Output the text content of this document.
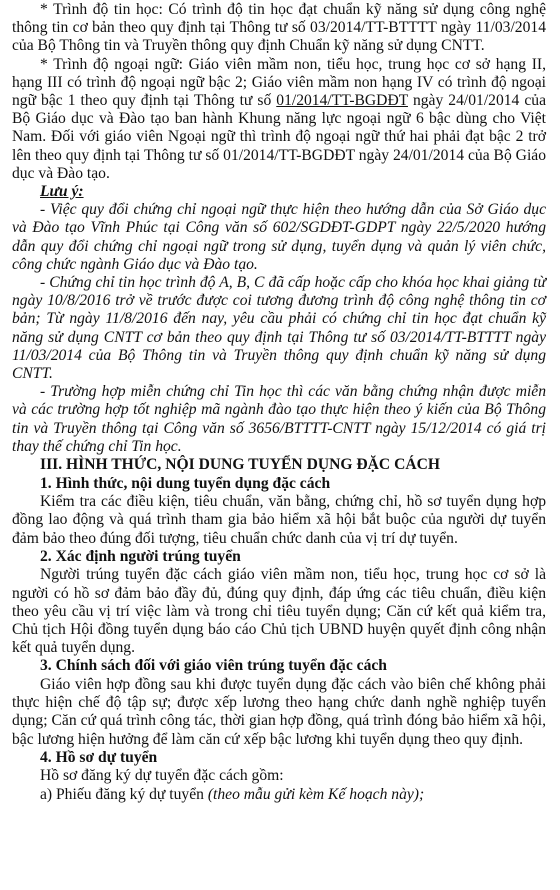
* Trình độ tin học: Có trình độ tin học đạt chuẩn kỹ năng sử dụng công nghệ thông tin cơ bản theo quy định tại Thông tư số 03/2014/TT-BTTTT ngày 11/03/2014 của Bộ Thông tin và Truyền thông quy định Chuẩn kỹ năng sử dụng CNTT.

* Trình độ ngoại ngữ: Giáo viên mầm non, tiểu học, trung học cơ sở hạng II, hạng III có trình độ ngoại ngữ bậc 2; Giáo viên mầm non hạng IV có trình độ ngoại ngữ bậc 1 theo quy định tại Thông tư số 01/2014/TT-BGDĐT ngày 24/01/2014 của Bộ Giáo dục và Đào tạo ban hành Khung năng lực ngoại ngữ 6 bậc dùng cho Việt Nam. Đối với giáo viên Ngoại ngữ thì trình độ ngoại ngữ thứ hai phải đạt bậc 2 trở lên theo quy định tại Thông tư số 01/2014/TT-BGDĐT ngày 24/01/2014 của Bộ Giáo dục và Đào tạo.

Lưu ý:

- Việc quy đổi chứng chỉ ngoại ngữ thực hiện theo hướng dẫn của Sở Giáo dục và Đào tạo Vĩnh Phúc tại Công văn số 602/SGDĐT-GDPT ngày 22/5/2020 hướng dẫn quy đổi chứng chỉ ngoại ngữ trong sử dụng, tuyển dụng và quản lý viên chức, công chức ngành Giáo dục và Đào tạo.

- Chứng chỉ tin học trình độ A, B, C đã cấp hoặc cấp cho khóa học khai giảng từ ngày 10/8/2016 trở về trước được coi tương đương trình độ công nghệ thông tin cơ bản; Từ ngày 11/8/2016 đến nay, yêu cầu phải có chứng chỉ tin học đạt chuẩn kỹ năng sử dụng CNTT cơ bản theo quy định tại Thông tư số 03/2014/TT-BTTTT ngày 11/03/2014 của Bộ Thông tin và Truyền thông quy định chuẩn kỹ năng sử dụng CNTT.

- Trường hợp miễn chứng chỉ Tin học thì các văn bằng chứng nhận được miễn và các trường hợp tốt nghiệp mã ngành đào tạo thực hiện theo ý kiến của Bộ Thông tin và Truyền thông tại Công văn số 3656/BTTTT-CNTT ngày 15/12/2014 có giá trị thay thế chứng chỉ Tin học.

III. HÌNH THỨC, NỘI DUNG TUYỂN DỤNG ĐẶC CÁCH

1. Hình thức, nội dung tuyển dụng đặc cách

Kiểm tra các điều kiện, tiêu chuẩn, văn bằng, chứng chỉ, hồ sơ tuyển dụng hợp đồng lao động và quá trình tham gia bảo hiểm xã hội bắt buộc của người dự tuyển đảm bảo theo đúng đối tượng, tiêu chuẩn chức danh của vị trí dự tuyển.

2. Xác định người trúng tuyển

Người trúng tuyển đặc cách giáo viên mầm non, tiểu học, trung học cơ sở là người có hồ sơ đảm bảo đầy đủ, đúng quy định, đáp ứng các tiêu chuẩn, điều kiện theo yêu cầu vị trí việc làm và trong chỉ tiêu tuyển dụng; Căn cứ kết quả kiểm tra, Chủ tịch Hội đồng tuyển dụng báo cáo Chủ tịch UBND huyện quyết định công nhận kết quả tuyển dụng.

3. Chính sách đối với giáo viên trúng tuyển đặc cách

Giáo viên hợp đồng sau khi được tuyển dụng đặc cách vào biên chế không phải thực hiện chế độ tập sự; được xếp lương theo hạng chức danh nghề nghiệp tuyển dụng; Căn cứ quá trình công tác, thời gian hợp đồng, quá trình đóng bảo hiểm xã hội, bậc lương hiện hưởng để làm căn cứ xếp bậc lương khi tuyển dụng theo quy định.

4. Hồ sơ dự tuyển

Hồ sơ đăng ký dự tuyển đặc cách gồm:

a) Phiếu đăng ký dự tuyển (theo mẫu gửi kèm Kế hoạch này);
